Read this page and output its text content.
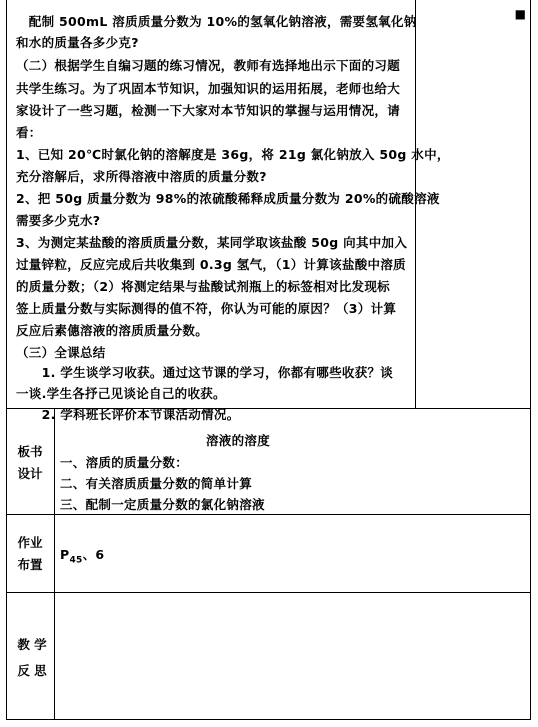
■
　配制 500mL 溶质质量分数为 10%的氢氧化钠溶液，需要氢氧化钠
和水的质量各多少克?
（二）根据学生自编习题的练习情况，教师有选择地出示下面的习题
共学生练习。为了巩固本节知识，加强知识的运用拓展，老师也给大
家设计了一些习题，检测一下大家对本节知识的掌握与运用情况，请
看：
1、已知 20℃时氯化钠的溶解度是 36g，将 21g 氯化钠放入 50g 水中，
充分溶解后，求所得溶液中溶质的质量分数?
2、把 50g 质量分数为 98%的浓硫酸稀释成质量分数为 20%的硫酸溶液
需要多少克水?
3、为测定某盐酸的溶质质量分数，某同学取该盐酸 50g 向其中加入
过量锌粒，反应完成后共收集到 0.3g 氢气，（1）计算该盐酸中溶质
的质量分数；（2）将测定结果与盐酸试剂瓶上的标签相对比发现标
签上质量分数与实际测得的值不符，你认为可能的原因？（3）计算
反应后素僡溶液的溶质质量分数。
（三）全课总结
　　1. 学生谈学习收获。通过这节课的学习，你都有哪些收获？谈
一谈.学生各抒己见谈论自己的收获。
　　2. 学科班长评价本节课活动情况。
板书
设计
溶液的溶度
一、溶质的质量分数：
二、有关溶质质量分数的简单计算
三、配制一定质量分数的氯化钠溶液
作业
布置
$P_{45}$、6
教 学
反 思
